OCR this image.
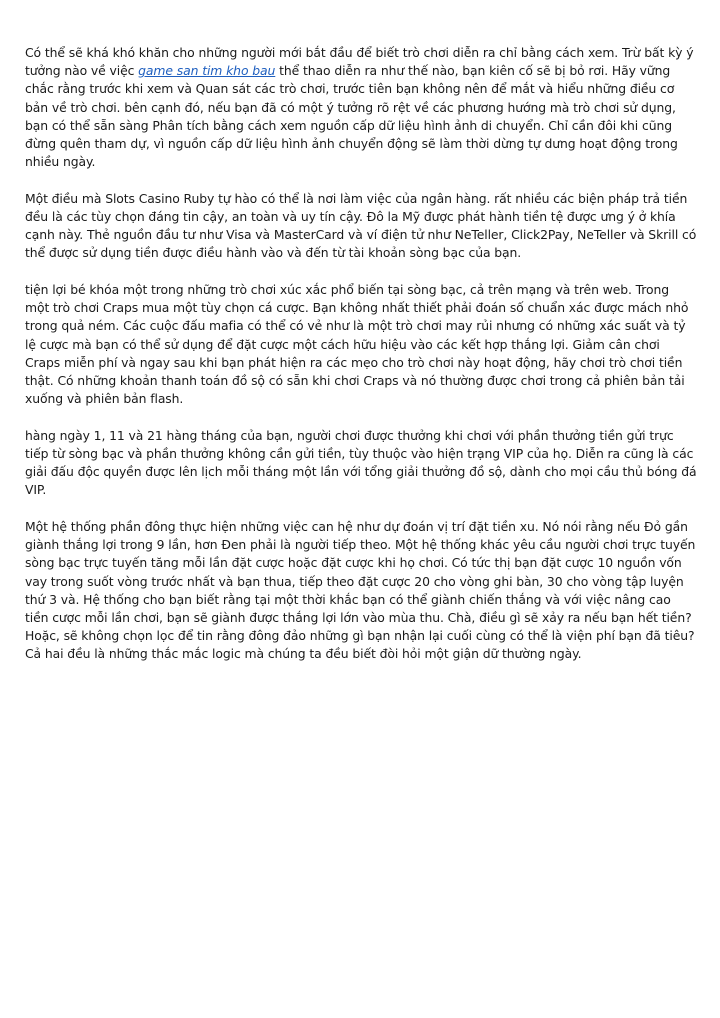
Có thể sẽ khá khó khăn cho những người mới bắt đầu để biết trò chơi diễn ra chỉ bằng cách xem. Trừ bất kỳ ý tưởng nào về việc game san tim kho bau thể thao diễn ra như thế nào, bạn kiên cố sẽ bị bỏ rơi. Hãy vững chắc rằng trước khi xem và Quan sát các trò chơi, trước tiên bạn không nên để mắt và hiểu những điều cơ bản về trò chơi. bên cạnh đó, nếu bạn đã có một ý tưởng rõ rệt về các phương hướng mà trò chơi sử dụng, bạn có thể sẵn sàng Phân tích bằng cách xem nguồn cấp dữ liệu hình ảnh di chuyển. Chỉ cần đôi khi cũng đừng quên tham dự, vì nguồn cấp dữ liệu hình ảnh chuyển động sẽ làm thời dừng tự dưng hoạt động trong nhiều ngày.

Một điều mà Slots Casino Ruby tự hào có thể là nơi làm việc của ngân hàng. rất nhiều các biện pháp trả tiền đều là các tùy chọn đáng tin cậy, an toàn và uy tín cậy. Đô la Mỹ được phát hành tiền tệ được ưng ý ở khía cạnh này. Thẻ nguồn đầu tư như Visa và MasterCard và ví điện tử như NeTeller, Click2Pay, NeTeller và Skrill có thể được sử dụng tiền được điều hành vào và đến từ tài khoản sòng bạc của bạn.

tiện lợi bé khóa một trong những trò chơi xúc xắc phổ biến tại sòng bạc, cả trên mạng và trên web. Trong một trò chơi Craps mua một tùy chọn cá cược. Bạn không nhất thiết phải đoán số chuẩn xác được mách nhỏ trong quả ném. Các cuộc đấu mafia có thể có vẻ như là một trò chơi may rủi nhưng có những xác suất và tỷ lệ cược mà bạn có thể sử dụng để đặt cược một cách hữu hiệu vào các kết hợp thắng lợi. Giảm cân chơi Craps miễn phí và ngay sau khi bạn phát hiện ra các mẹo cho trò chơi này hoạt động, hãy chơi trò chơi tiền thật. Có những khoản thanh toán đồ sộ có sẵn khi chơi Craps và nó thường được chơi trong cả phiên bản tải xuống và phiên bản flash.

hàng ngày 1, 11 và 21 hàng tháng của bạn, người chơi được thưởng khi chơi với phần thưởng tiền gửi trực tiếp từ sòng bạc và phần thưởng không cần gửi tiền, tùy thuộc vào hiện trạng VIP của họ. Diễn ra cũng là các giải đấu độc quyền được lên lịch mỗi tháng một lần với tổng giải thưởng đồ sộ, dành cho mọi cầu thủ bóng đá VIP.

Một hệ thống phần đông thực hiện những việc can hệ như dự đoán vị trí đặt tiền xu. Nó nói rằng nếu Đỏ gần giành thắng lợi trong 9 lần, hơn Đen phải là người tiếp theo. Một hệ thống khác yêu cầu người chơi trực tuyến sòng bạc trực tuyến tăng mỗi lần đặt cược hoặc đặt cược khi họ chơi. Có tức thị bạn đặt cược 10 nguồn vốn vay trong suốt vòng trước nhất và bạn thua, tiếp theo đặt cược 20 cho vòng ghi bàn, 30 cho vòng tập luyện thứ 3 và. Hệ thống cho bạn biết rằng tại một thời khắc bạn có thể giành chiến thắng và với việc nâng cao tiền cược mỗi lần chơi, bạn sẽ giành được thắng lợi lớn vào mùa thu. Chà, điều gì sẽ xảy ra nếu bạn hết tiền? Hoặc, sẽ không chọn lọc để tin rằng đông đảo những gì bạn nhận lại cuối cùng có thể là viện phí bạn đã tiêu? Cả hai đều là những thắc mắc logic mà chúng ta đều biết đòi hỏi một giận dữ thường ngày.
